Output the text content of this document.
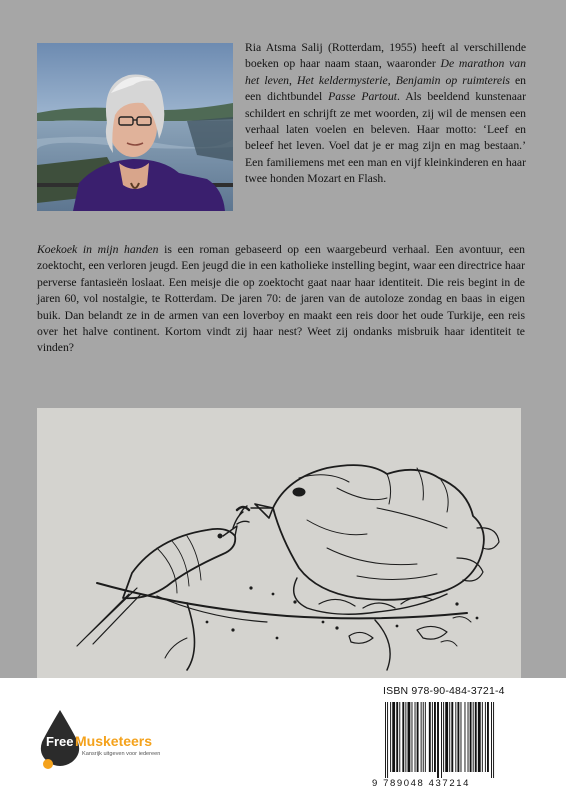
Ria Atsma Salij (Rotterdam, 1955) heeft al verschillende boeken op haar naam staan, waaronder De marathon van het leven, Het keldermysterie, Benjamin op ruimtereis en een dichtbundel Passe Partout. Als beeldend kunstenaar schildert en schrijft ze met woorden, zij wil de mensen een verhaal laten voelen en beleven. Haar motto: ‘Leef en beleef het leven. Voel dat je er mag zijn en mag bestaan.’ Een familiemens met een man en vijf kleinkinderen en haar twee honden Mozart en Flash.

Koekoek in mijn handen is een roman gebaseerd op een waargebeurd verhaal. Een avontuur, een zoektocht, een verloren jeugd. Een jeugd die in een katholieke instelling begint, waar een directrice haar perverse fantasieën loslaat. Een meisje die op zoektocht gaat naar haar identiteit. Die reis begint in de jaren 60, vol nostalgie, te Rotterdam. De jaren 70: de jaren van de autoloze zondag en baas in eigen buik. Dan belandt ze in de armen van een loverboy en maakt een reis door het oude Turkije, een reis over het halve continent. Kortom vindt zij haar nest? Weet zij ondanks misbruik haar identiteit te vinden?

Free Musketeers
Kansrijk uitgeven voor iedereen
ISBN 978-90-484-3721-4
9 789048 437214
